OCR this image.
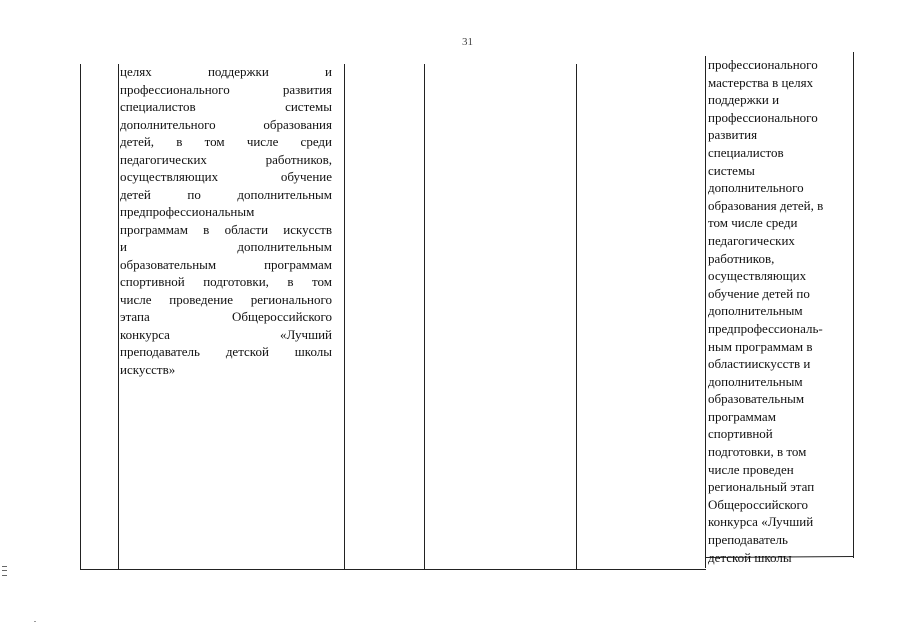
31
целях поддержки и
профессионального развития
специалистов системы
дополнительного образования
детей, в том числе среди
педагогических работников,
осуществляющих обучение
детей по дополнительным
предпрофессиональным
программам в области искусств
и дополнительным
образовательным программам
спортивной подготовки, в том
числе проведение регионального
этапа Общероссийского
конкурса «Лучший
преподаватель детской школы
искусств»
профессионального
мастерства в целях
поддержки и
профессионального
развития
специалистов
системы
дополнительного
образования детей, в
том числе среди
педагогических
работников,
осуществляющих
обучение детей по
дополнительным
предпрофессиональ-
ным программам в
областиискусств и
дополнительным
образовательным
программам
спортивной
подготовки, в том
числе проведен
региональный этап
Общероссийского
конкурса «Лучший
преподаватель
детской школы
